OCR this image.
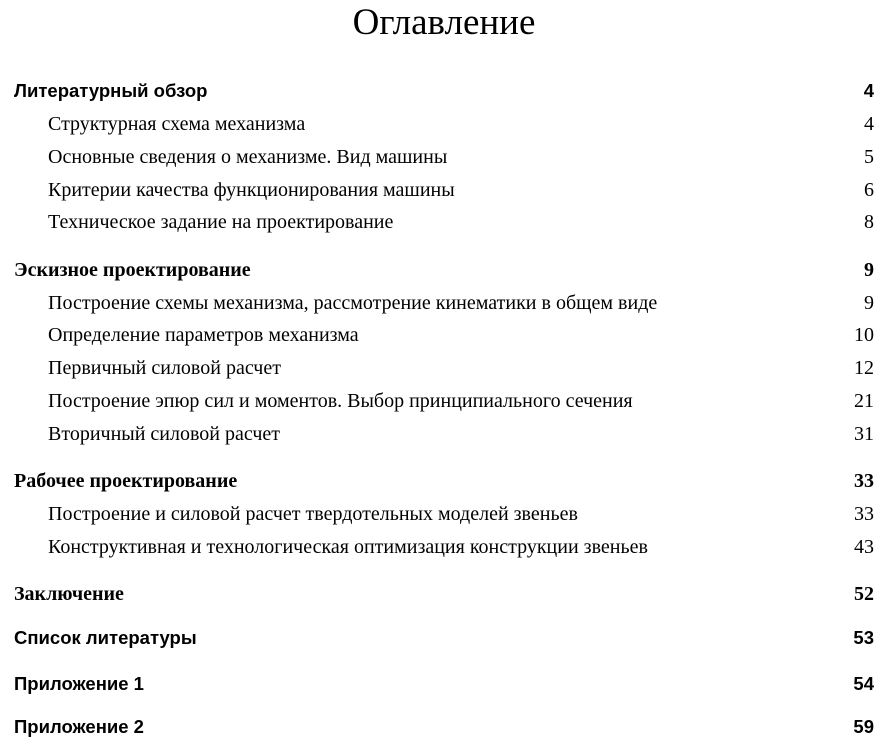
Оглавление
Литературный обзор	4
Структурная схема механизма	4
Основные сведения о механизме. Вид машины	5
Критерии качества функционирования машины	6
Техническое задание на проектирование	8
Эскизное проектирование	9
Построение схемы механизма, рассмотрение кинематики в общем виде	9
Определение параметров механизма	10
Первичный силовой расчет	12
Построение эпюр сил и моментов. Выбор принципиального сечения	21
Вторичный силовой расчет	31
Рабочее проектирование	33
Построение и силовой расчет твердотельных моделей звеньев	33
Конструктивная и технологическая оптимизация конструкции звеньев	43
Заключение	52
Список литературы	53
Приложение 1	54
Приложение 2	59
